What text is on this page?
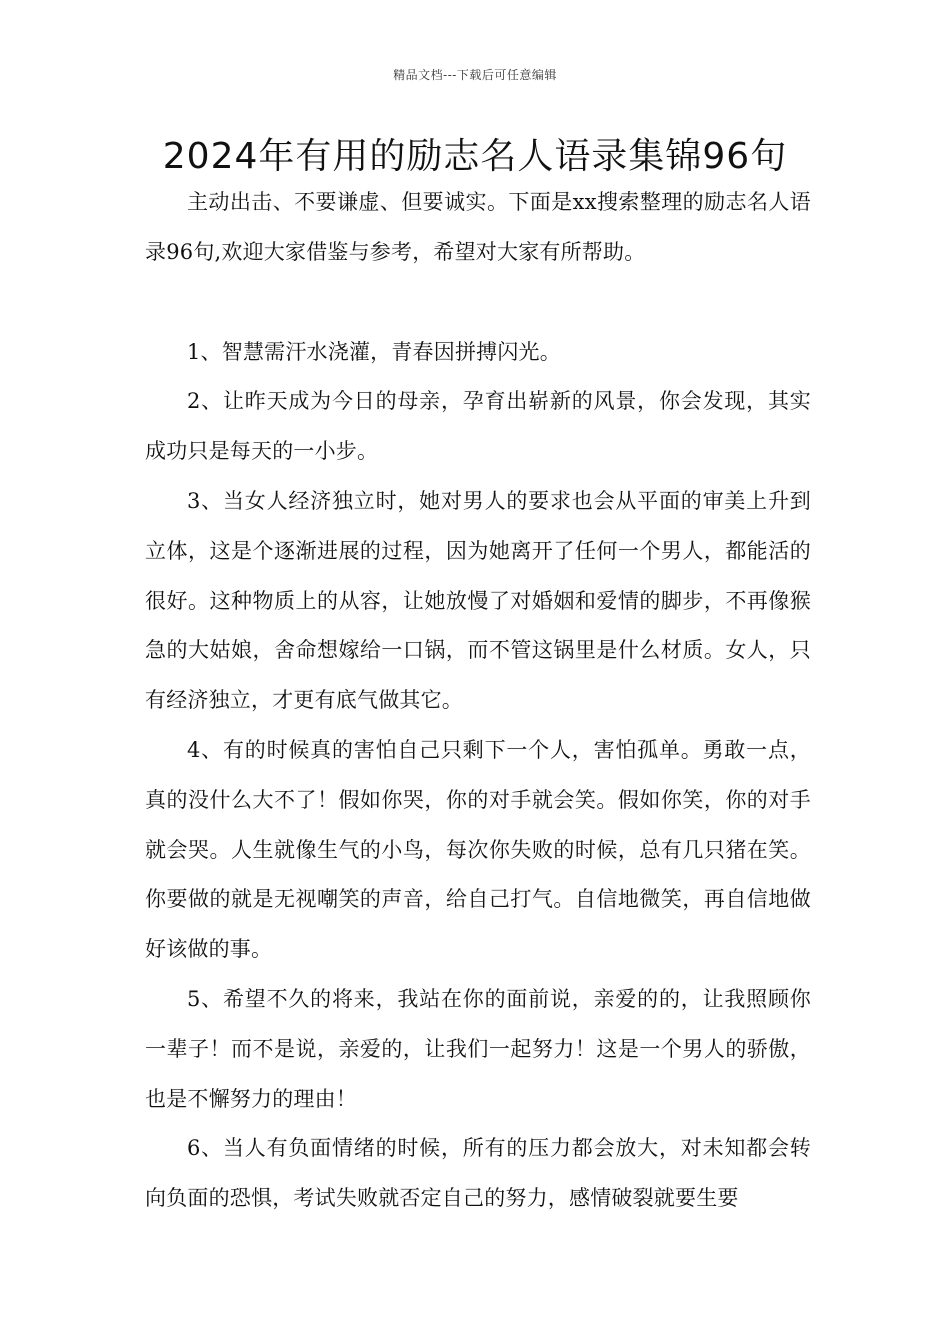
精品文档---下载后可任意编辑
2024年有用的励志名人语录集锦96句

主动出击、不要谦虚、但要诚实。下面是xx搜索整理的励志名人语录96句,欢迎大家借鉴与参考，希望对大家有所帮助。

1、智慧需汗水浇灌，青春因拼搏闪光。

2、让昨天成为今日的母亲，孕育出崭新的风景，你会发现，其实成功只是每天的一小步。

3、当女人经济独立时，她对男人的要求也会从平面的审美上升到立体，这是个逐渐进展的过程，因为她离开了任何一个男人，都能活的很好。这种物质上的从容，让她放慢了对婚姻和爱情的脚步，不再像猴急的大姑娘，舍命想嫁给一口锅，而不管这锅里是什么材质。女人，只有经济独立，才更有底气做其它。

4、有的时候真的害怕自己只剩下一个人，害怕孤单。勇敢一点，真的没什么大不了！假如你哭，你的对手就会笑。假如你笑，你的对手就会哭。人生就像生气的小鸟，每次你失败的时候，总有几只猪在笑。你要做的就是无视嘲笑的声音，给自己打气。自信地微笑，再自信地做好该做的事。

5、希望不久的将来，我站在你的面前说，亲爱的的，让我照顾你一辈子！而不是说，亲爱的，让我们一起努力！这是一个男人的骄傲，也是不懈努力的理由！

6、当人有负面情绪的时候，所有的压力都会放大，对未知都会转向负面的恐惧，考试失败就否定自己的努力，感情破裂就要生要
